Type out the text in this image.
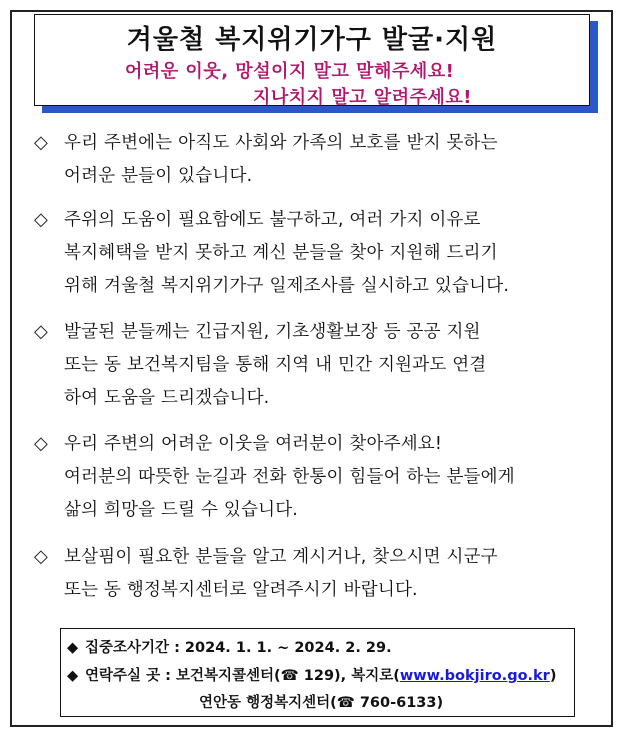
겨울철 복지위기가구 발굴·지원
어려운 이웃, 망설이지 말고 말해주세요!
지나치지 말고 알려주세요!
◇ 우리 주변에는 아직도 사회와 가족의 보호를 받지 못하는
어려운 분들이 있습니다.
◇ 주위의 도움이 필요함에도 불구하고, 여러 가지 이유로
복지혜택을 받지 못하고 계신 분들을 찾아 지원해 드리기
위해 겨울철 복지위기가구 일제조사를 실시하고 있습니다.
◇ 발굴된 분들께는 긴급지원, 기초생활보장 등 공공 지원
또는 동 보건복지팀을 통해 지역 내 민간 지원과도 연결
하여 도움을 드리겠습니다.
◇ 우리 주변의 어려운 이웃을 여러분이 찾아주세요!
여러분의 따뜻한 눈길과 전화 한통이 힘들어 하는 분들에게
삶의 희망을 드릴 수 있습니다.
◇ 보살핌이 필요한 분들을 알고 계시거나, 찾으시면 시군구
또는 동 행정복지센터로 알려주시기 바랍니다.
◆ 집중조사기간 : 2024. 1. 1. ~ 2024. 2. 29.
◆ 연락주실 곳 : 보건복지콜센터(☎ 129), 복지로(www.bokjiro.go.kr)
연안동 행정복지센터(☎ 760-6133)
